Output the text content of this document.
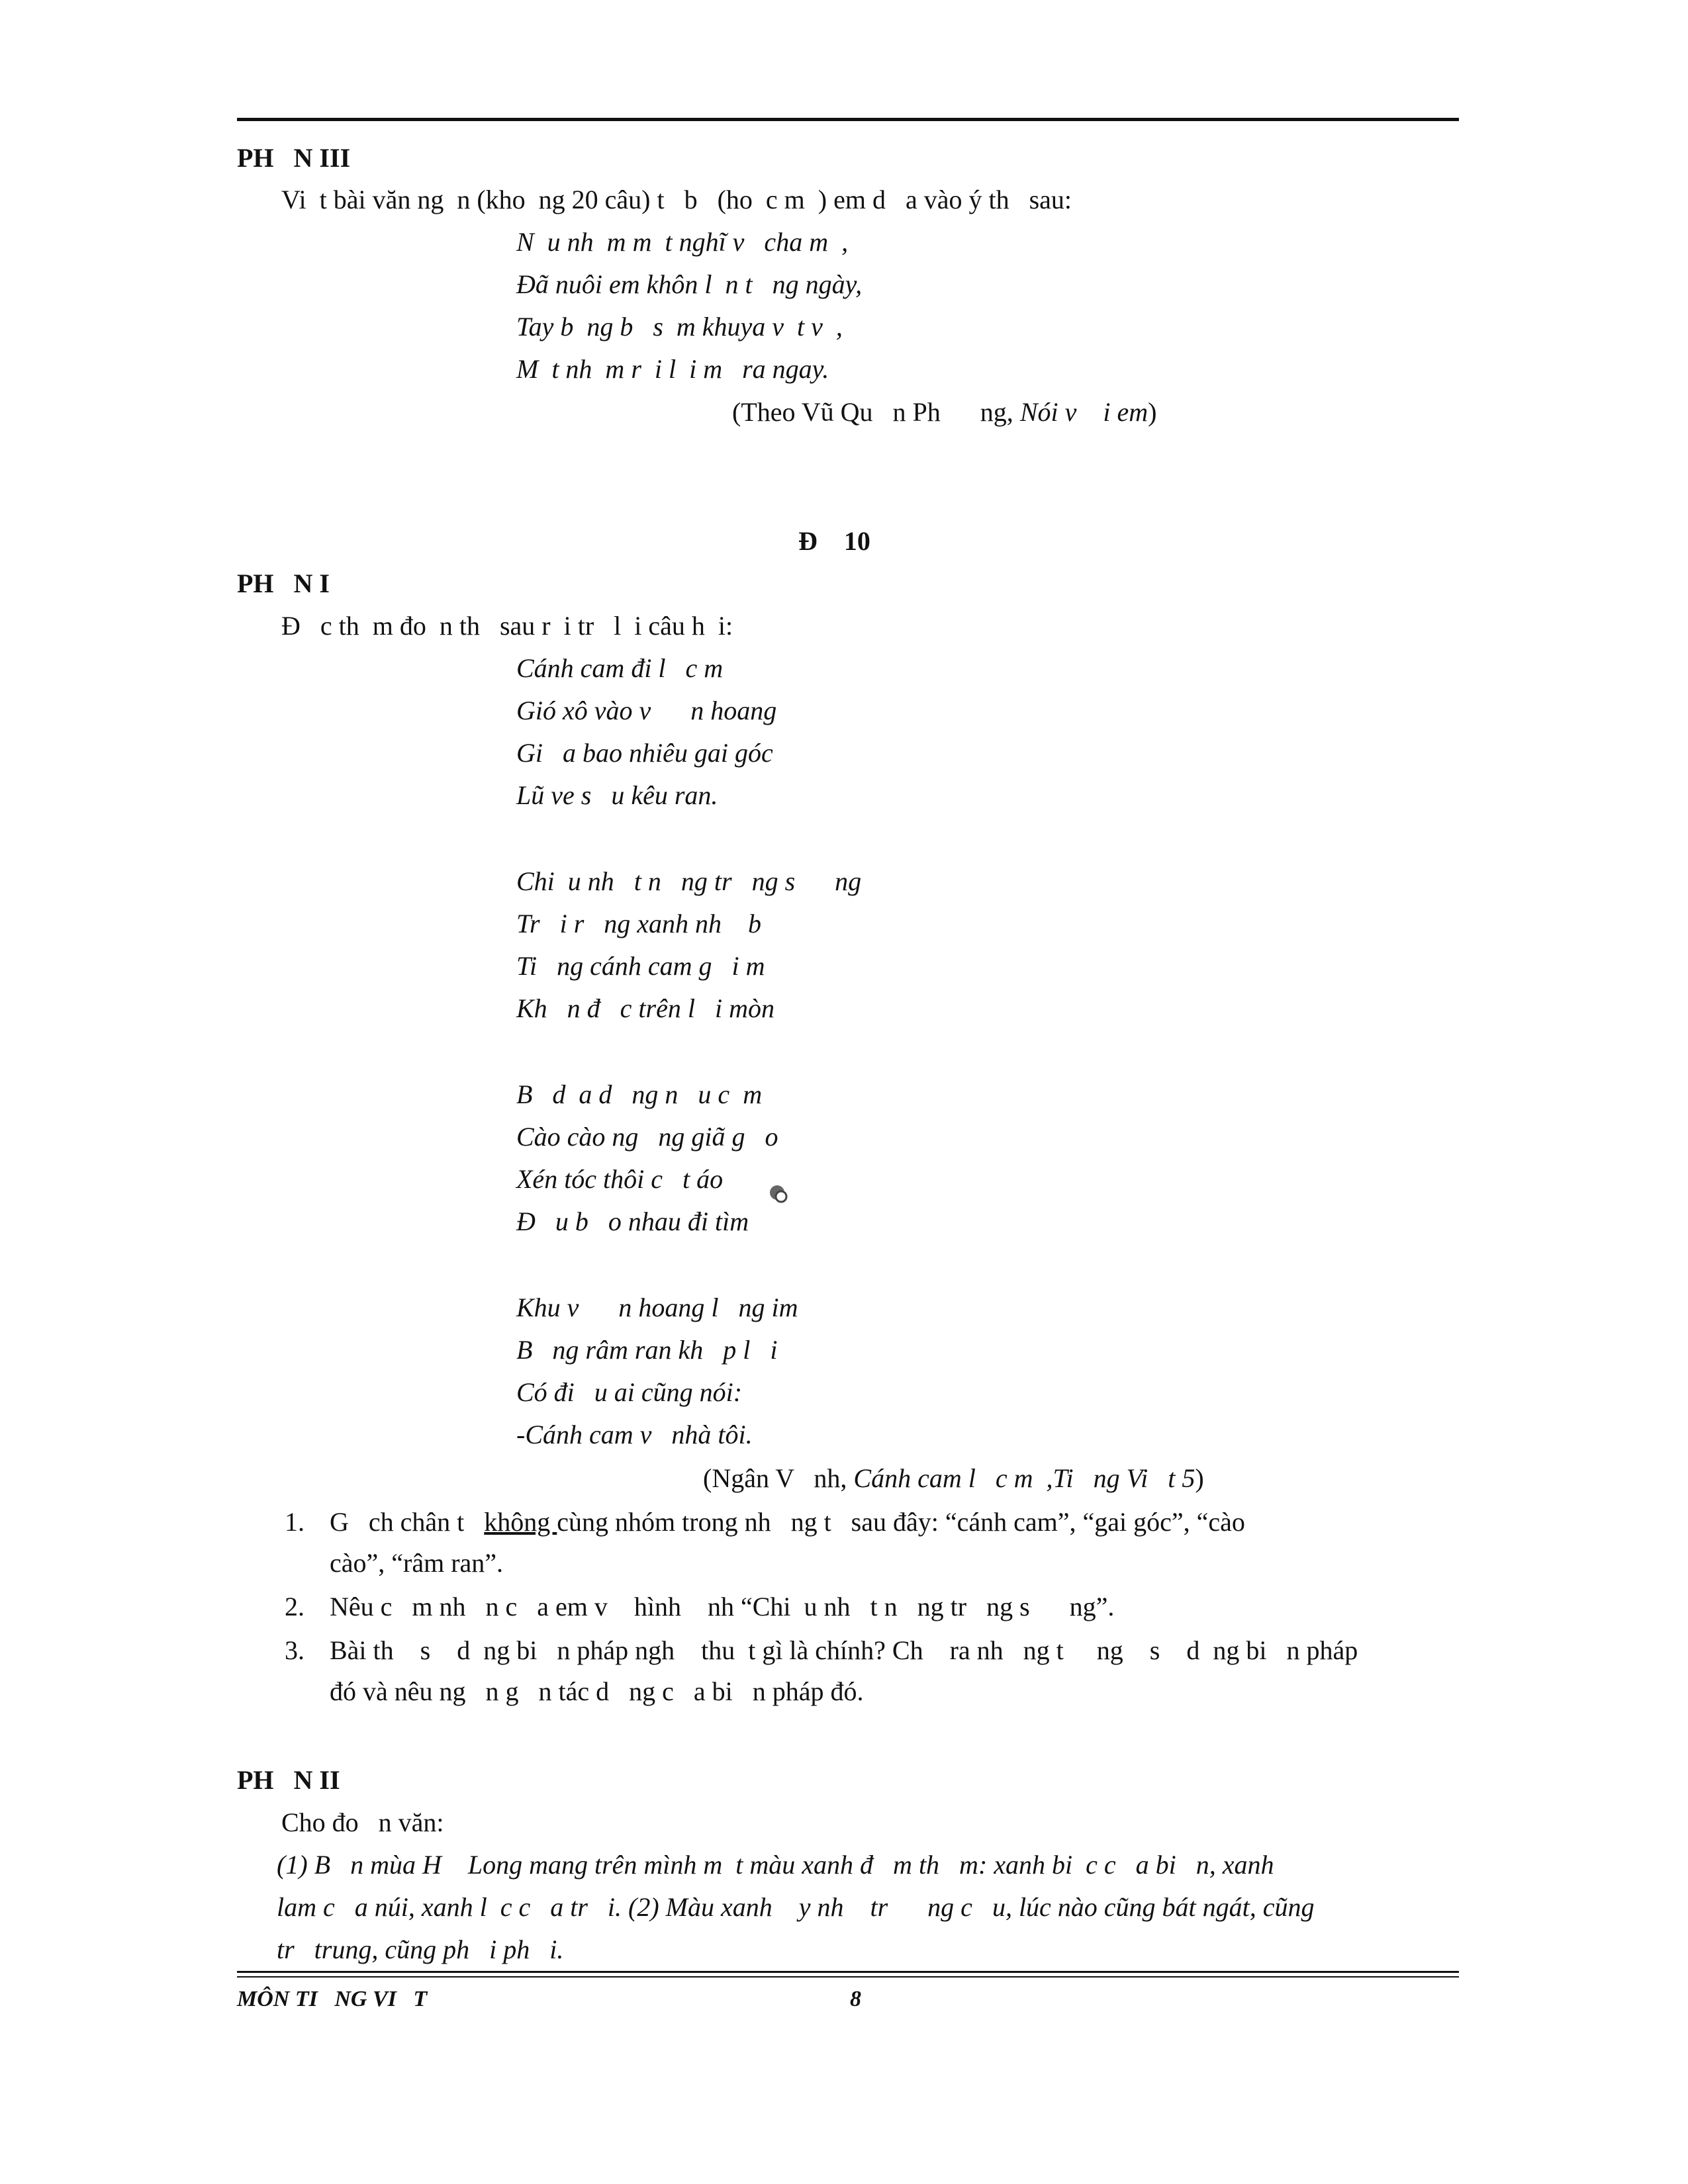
PH   N III
Vi  t bài văn ng  n (kho  ng 20 câu) t   b   (ho  c m  ) em d   a vào ý th   sau:
N  u nh  m m  t nghĩ v   cha m  ,
Đã nuôi em khôn l  n t   ng ngày,
Tay b  ng b   s  m khuya v  t v  ,
M  t nh  m r  i l  i m   ra ngay.
(Theo Vũ Qu   n Ph      ng, Nói v    i em)
Đ    10
PH   N I
Đ   c th  m đo  n th   sau r  i tr   l  i câu h  i:
Cánh cam đi l   c m
Gió xô vào v      n hoang
Gi   a bao nhiêu gai góc
Lũ ve s   u kêu ran.
Chi  u nh   t n   ng tr   ng s      ng
Tr   i r   ng xanh nh    b
Ti   ng cánh cam g   i m
Kh   n đ   c trên l   i mòn
B   d  a d   ng n   u c  m
Cào cào ng   ng giã g   o
Xén tóc thôi c   t áo
Đ   u b   o nhau đi tìm
Khu v      n hoang l   ng im
B   ng râm ran kh   p l   i
Có đi   u ai cũng nói:
-Cánh cam v   nhà tôi.
(Ngân V   nh, Cánh cam l   c m  ,Ti   ng Vi   t 5)
1. G   ch chân t   không cùng nhóm trong nh   ng t   sau đây: “cánh cam”, “gai góc”, “cào
cào”, “râm ran”.
2. Nêu c   m nh   n c   a em v    hình    nh “Chi  u nh   t n   ng tr   ng s      ng”.
3. Bài th    s    d  ng bi   n pháp ngh    thu  t gì là chính? Ch    ra nh   ng t     ng    s    d  ng bi   n pháp
đó và nêu ng   n g   n tác d   ng c   a bi   n pháp đó.
PH   N II
Cho đo   n văn:
(1) B   n mùa H    Long mang trên mình m  t màu xanh đ   m th   m: xanh bi  c c   a bi   n, xanh
lam c   a núi, xanh l  c c   a tr   i. (2) Màu xanh    y nh    tr      ng c   u, lúc nào cũng bát ngát, cũng
tr   trung, cũng ph   i ph   i.
MÔN TI   NG VI   T	8
